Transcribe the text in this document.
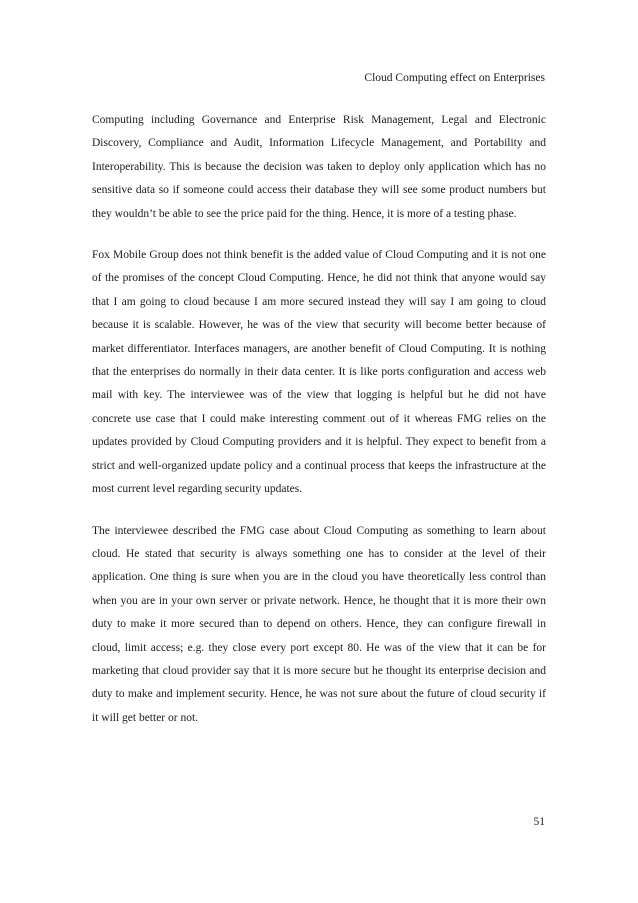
Cloud Computing effect on Enterprises

Computing including Governance and Enterprise Risk Management, Legal and Electronic Discovery, Compliance and Audit, Information Lifecycle Management, and Portability and Interoperability. This is because the decision was taken to deploy only application which has no sensitive data so if someone could access their database they will see some product numbers but they wouldn’t be able to see the price paid for the thing. Hence, it is more of a testing phase.

Fox Mobile Group does not think benefit is the added value of Cloud Computing and it is not one of the promises of the concept Cloud Computing. Hence, he did not think that anyone would say that I am going to cloud because I am more secured instead they will say I am going to cloud because it is scalable. However, he was of the view that security will become better because of market differentiator. Interfaces managers, are another benefit of Cloud Computing. It is nothing that the enterprises do normally in their data center. It is like ports configuration and access web mail with key. The interviewee was of the view that logging is helpful but he did not have concrete use case that I could make interesting comment out of it whereas FMG relies on the updates provided by Cloud Computing providers and it is helpful. They expect to benefit from a strict and well-organized update policy and a continual process that keeps the infrastructure at the most current level regarding security updates.

The interviewee described the FMG case about Cloud Computing as something to learn about cloud. He stated that security is always something one has to consider at the level of their application. One thing is sure when you are in the cloud you have theoretically less control than when you are in your own server or private network. Hence, he thought that it is more their own duty to make it more secured than to depend on others. Hence, they can configure firewall in cloud, limit access; e.g. they close every port except 80. He was of the view that it can be for marketing that cloud provider say that it is more secure but he thought its enterprise decision and duty to make and implement security. Hence, he was not sure about the future of cloud security if it will get better or not.

51
